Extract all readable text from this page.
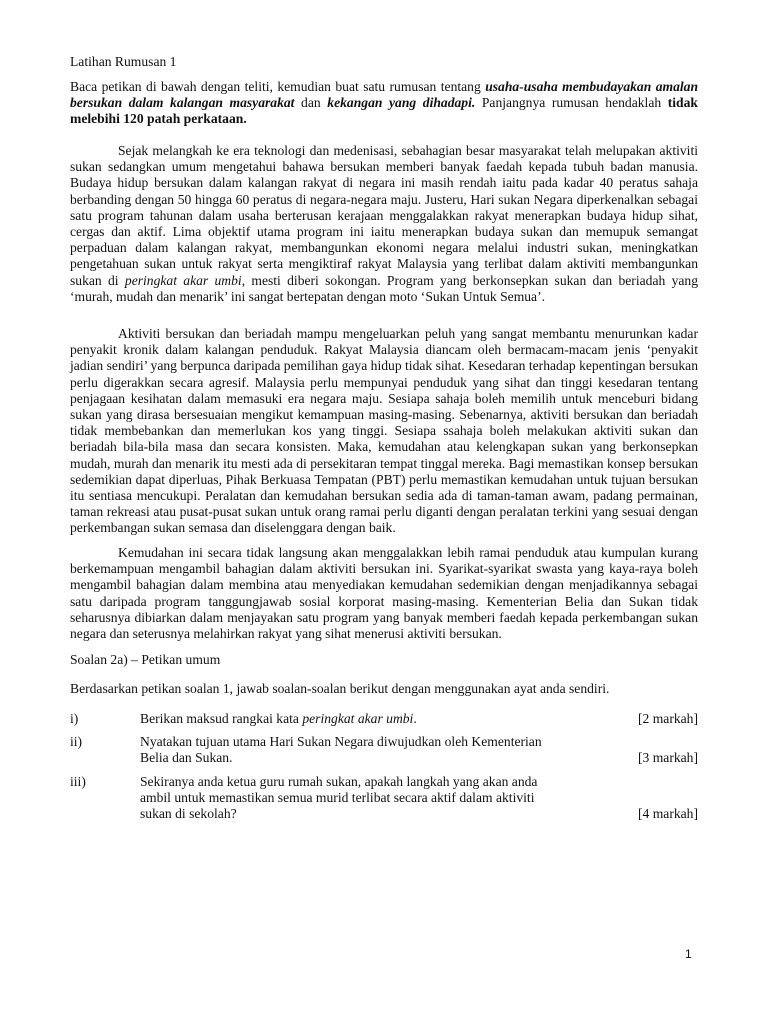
Latihan Rumusan 1
Baca petikan di bawah dengan teliti, kemudian buat satu rumusan tentang usaha-usaha membudayakan amalan bersukan dalam kalangan masyarakat dan kekangan yang dihadapi. Panjangnya rumusan hendaklah tidak melebihi 120 patah perkataan.
Sejak melangkah ke era teknologi dan medenisasi, sebahagian besar masyarakat telah melupakan aktiviti sukan sedangkan umum mengetahui bahawa bersukan memberi banyak faedah kepada tubuh badan manusia. Budaya hidup bersukan dalam kalangan rakyat di negara ini masih rendah iaitu pada kadar 40 peratus sahaja berbanding dengan 50 hingga 60 peratus di negara-negara maju. Justeru, Hari sukan Negara diperkenalkan sebagai satu program tahunan dalam usaha berterusan kerajaan menggalakkan rakyat menerapkan budaya hidup sihat, cergas dan aktif. Lima objektif utama program ini iaitu menerapkan budaya sukan dan memupuk semangat perpaduan dalam kalangan rakyat, membangunkan ekonomi negara melalui industri sukan, meningkatkan pengetahuan sukan untuk rakyat serta mengiktiraf rakyat Malaysia yang terlibat dalam aktiviti membangunkan sukan di peringkat akar umbi, mesti diberi sokongan. Program yang berkonsepkan sukan dan beriadah yang ‘murah, mudah dan menarik’ ini sangat bertepatan dengan moto ‘Sukan Untuk Semua’.
Aktiviti bersukan dan beriadah mampu mengeluarkan peluh yang sangat membantu menurunkan kadar penyakit kronik dalam kalangan penduduk. Rakyat Malaysia diancam oleh bermacam-macam jenis ‘penyakit jadian sendiri’ yang berpunca daripada pemilihan gaya hidup tidak sihat. Kesedaran terhadap kepentingan bersukan perlu digerakkan secara agresif. Malaysia perlu mempunyai penduduk yang sihat dan tinggi kesedaran tentang penjagaan kesihatan dalam memasuki era negara maju. Sesiapa sahaja boleh memilih untuk menceburi bidang sukan yang dirasa bersesuaian mengikut kemampuan masing-masing. Sebenarnya, aktiviti bersukan dan beriadah tidak membebankan dan memerlukan kos yang tinggi. Sesiapa ssahaja boleh melakukan aktiviti sukan dan beriadah bila-bila masa dan secara konsisten. Maka, kemudahan atau kelengkapan sukan yang berkonsepkan mudah, murah dan menarik itu mesti ada di persekitaran tempat tinggal mereka. Bagi memastikan konsep bersukan sedemikian dapat diperluas, Pihak Berkuasa Tempatan (PBT) perlu memastikan kemudahan untuk tujuan bersukan itu sentiasa mencukupi. Peralatan dan kemudahan bersukan sedia ada di taman-taman awam, padang permainan, taman rekreasi atau pusat-pusat sukan untuk orang ramai perlu diganti dengan peralatan terkini yang sesuai dengan perkembangan sukan semasa dan diselenggara dengan baik.
Kemudahan ini secara tidak langsung akan menggalakkan lebih ramai penduduk atau kumpulan kurang berkemampuan mengambil bahagian dalam aktiviti bersukan ini. Syarikat-syarikat swasta yang kaya-raya boleh mengambil bahagian dalam membina atau menyediakan kemudahan sedemikian dengan menjadikannya sebagai satu daripada program tanggungjawab sosial korporat masing-masing. Kementerian Belia dan Sukan tidak seharusnya dibiarkan dalam menjayakan satu program yang banyak memberi faedah kepada perkembangan sukan negara dan seterusnya melahirkan rakyat yang sihat menerusi aktiviti bersukan.
Soalan 2a) – Petikan umum
Berdasarkan petikan soalan 1, jawab soalan-soalan berikut dengan menggunakan ayat anda sendiri.
i)	Berikan maksud rangkai kata peringkat akar umbi.	[2 markah]
ii)	Nyatakan tujuan utama Hari Sukan Negara diwujudkan oleh Kementerian Belia dan Sukan.	[3 markah]
iii)	Sekiranya anda ketua guru rumah sukan, apakah langkah yang akan anda ambil untuk memastikan semua murid terlibat secara aktif dalam aktiviti sukan di sekolah?	[4 markah]
1
